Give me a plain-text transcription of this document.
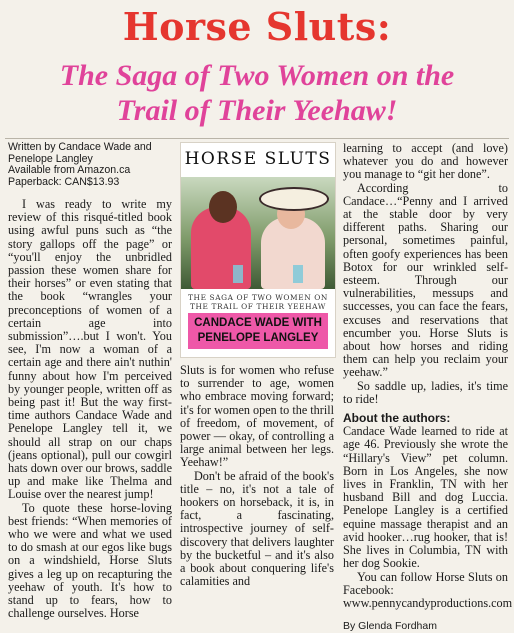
Horse Sluts:
The Saga of Two Women on the
Trail of Their Yeehaw!
Written by Candace Wade and
Penelope Langley
Available from Amazon.ca
Paperback: CAN$13.93

I was ready to write my review of this risqué-titled book using awful puns such as “the story gallops off the page” or “you'll enjoy the unbridled passion these women share for their horses” or even stating that the book “wrangles your preconceptions of women of a certain age into submission”….but I won't. You see, I'm now a woman of a certain age and there ain't nuthin' funny about how I'm perceived by younger people, written off as being past it! But the way first-time authors Candace Wade and Penelope Langley tell it, we should all strap on our chaps (jeans optional), pull our cowgirl hats down over our brows, saddle up and make like Thelma and Louise over the nearest jump!

To quote these horse-loving best friends: “When memories of who we were and what we used to do smash at our egos like bugs on a windshield, Horse Sluts gives a leg up on recapturing the yeehaw of youth. It's how to stand up to fears, how to challenge ourselves. Horse

HORSE SLUTS
THE SAGA OF TWO WOMEN ON
THE TRAIL OF THEIR YEEHAW
CANDACE WADE WITH
PENELOPE LANGLEY

Sluts is for women who refuse to surrender to age, women who embrace moving forward; it's for women open to the thrill of freedom, of movement, of power — okay, of controlling a large animal between her legs. Yeehaw!”

Don't be afraid of the book's title – no, it's not a tale of hookers on horseback, it is, in fact, a fascinating, introspective journey of self-discovery that delivers laughter by the bucketful – and it's also a book about conquering life's calamities and

learning to accept (and love) whatever you do and however you manage to “git her done”.

According to Candace…“Penny and I arrived at the stable door by very different paths. Sharing our personal, sometimes painful, often goofy experiences has been Botox for our wrinkled self-esteem. Through our vulnerabilities, messups and successes, you can face the fears, excuses and reservations that encumber you. Horse Sluts is about how horses and riding them can help you reclaim your yeehaw.”

So saddle up, ladies, it's time to ride!

About the authors:

Candace Wade learned to ride at age 46. Previously she wrote the “Hillary's View” pet column. Born in Los Angeles, she now lives in Franklin, TN with her husband Bill and dog Luccia. Penelope Langley is a certified equine massage therapist and an avid hooker…rug hooker, that is! She lives in Columbia, TN with her dog Sookie.

You can follow Horse Sluts on Facebook: www.pennycandyproductions.com

By Glenda Fordham
